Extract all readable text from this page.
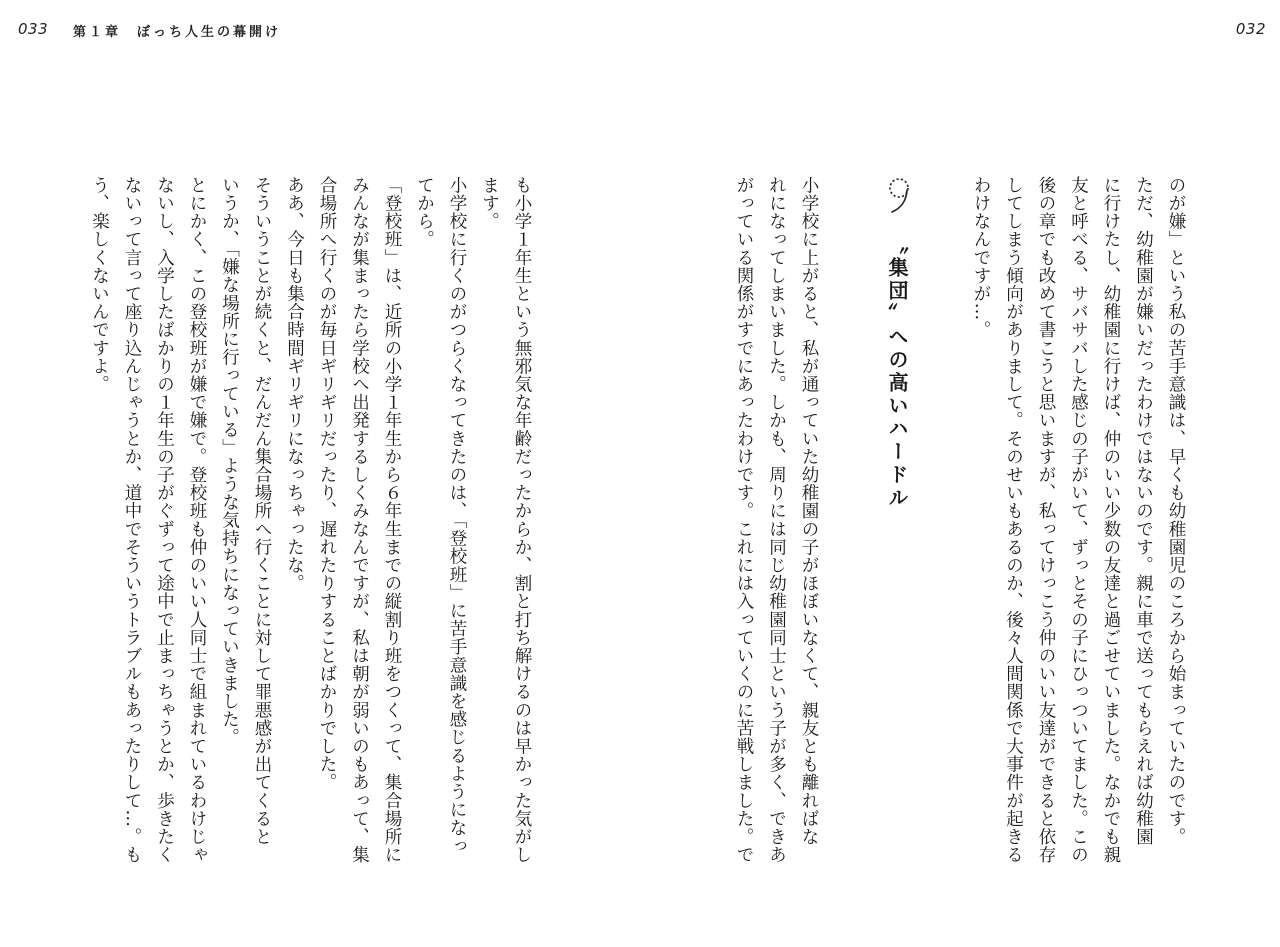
033 第１章　ぼっち人生の幕開け	032
のが嫌」という私の苦手意識は、早くも幼稚園児のころから始まっていたのです。
ただ、幼稚園が嫌いだったわけではないのです。親に車で送ってもらえれば幼稚園
に行けたし、幼稚園に行けば、仲のいい少数の友達と過ごせていました。なかでも親
友と呼べる、サバサバした感じの子がいて、ずっとその子にひっついてました。この
後の章でも改めて書こうと思いますが、私ってけっこう仲のいい友達ができると依存
してしまう傾向がありまして。そのせいもあるのか、後々人間関係で大事件が起きる
わけなんですが…。
〝集団〟への高いハードル
小学校に上がると、私が通っていた幼稚園の子がほぼいなくて、親友とも離ればな
れになってしまいました。しかも、周りには同じ幼稚園同士という子が多く、できあ
がっている関係がすでにあったわけです。これには入っていくのに苦戦しました。で
も小学１年生という無邪気な年齢だったからか、割と打ち解けるのは早かった気がし
ます。
小学校に行くのがつらくなってきたのは、「登校班」に苦手意識を感じるようになっ
てから。
「登校班」は、近所の小学１年生から６年生までの縦割り班をつくって、集合場所に
みんなが集まったら学校へ出発するしくみなんですが、私は朝が弱いのもあって、集
合場所へ行くのが毎日ギリギリだったり、遅れたりすることばかりでした。
ああ、今日も集合時間ギリギリになっちゃったな。
そういうことが続くと、だんだん集合場所へ行くことに対して罪悪感が出てくると
いうか、「嫌な場所に行っている」ような気持ちになっていきました。
とにかく、この登校班が嫌で嫌で。登校班も仲のいい人同士で組まれているわけじゃ
ないし、入学したばかりの１年生の子がぐずって途中で止まっちゃうとか、歩きたく
ないって言って座り込んじゃうとか、道中でそういうトラブルもあったりして…。も
う、楽しくないんですよ。
